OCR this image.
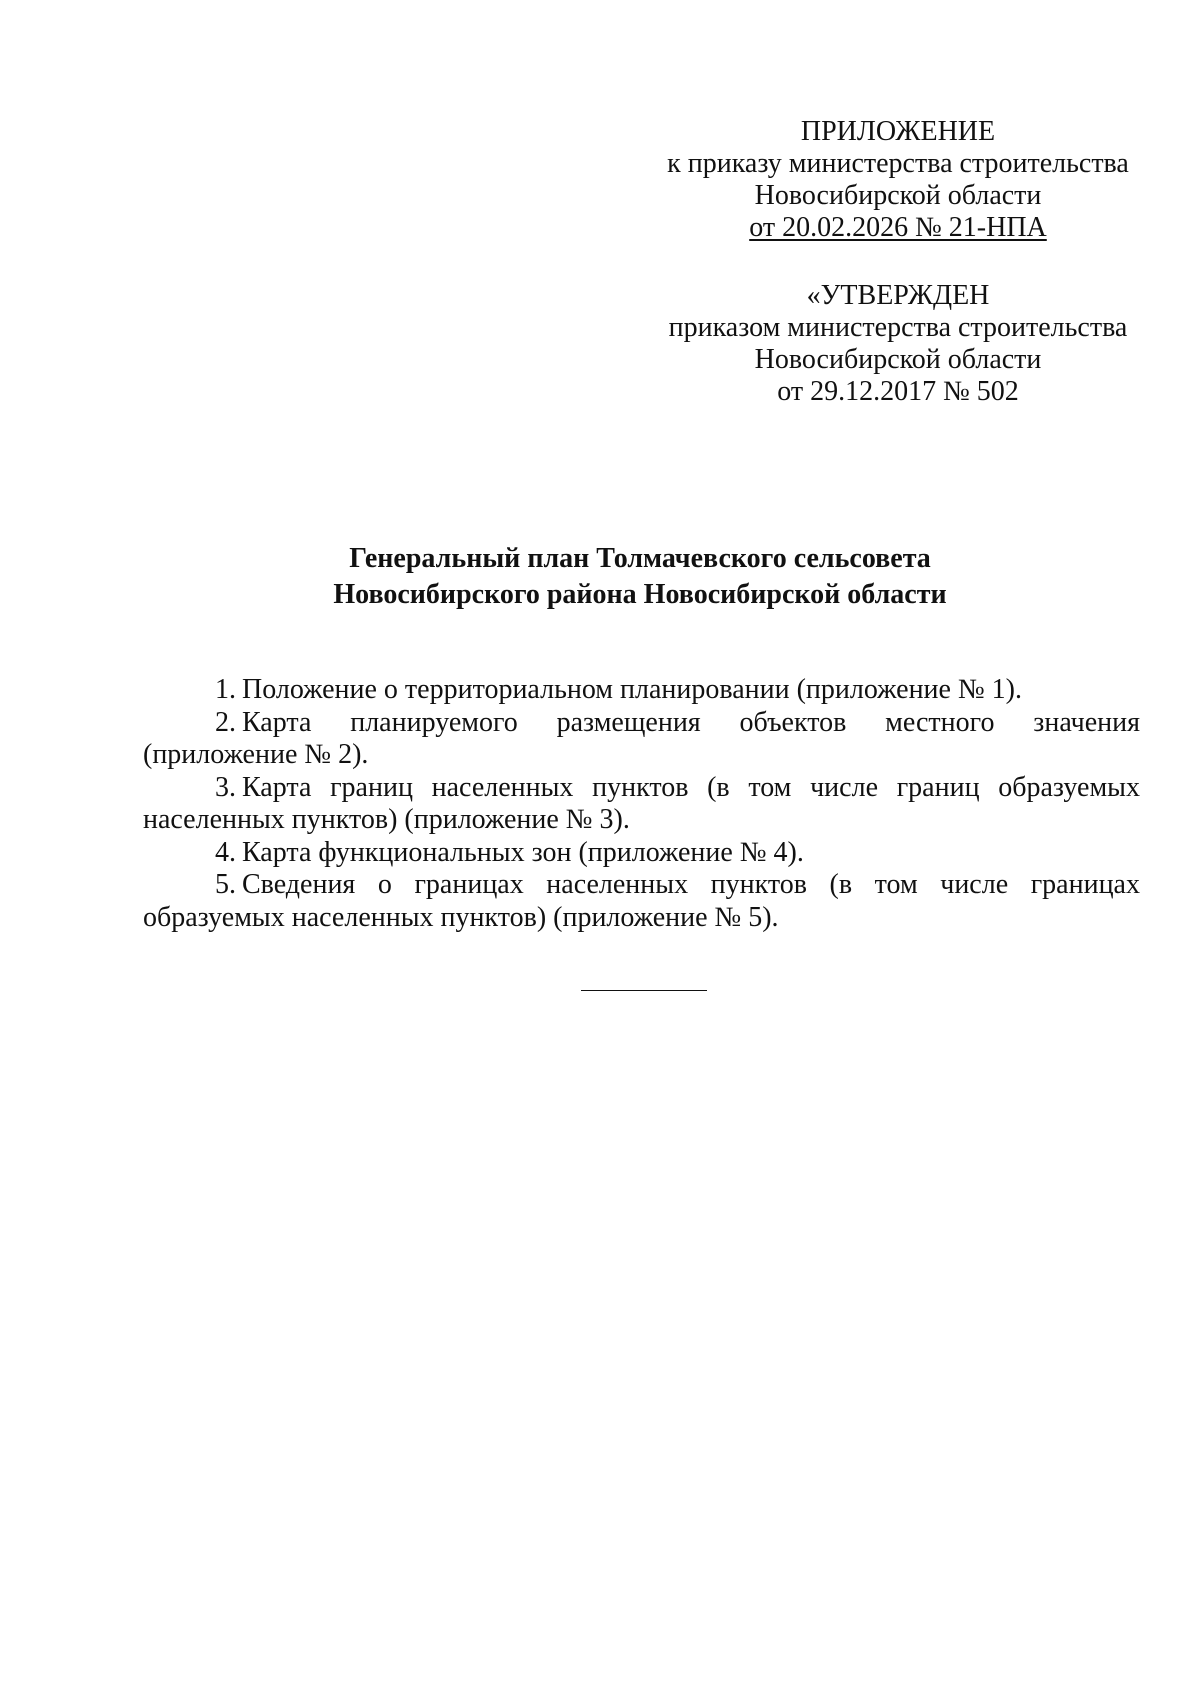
ПРИЛОЖЕНИЕ
к приказу министерства строительства
Новосибирской области
от 20.02.2026 № 21-НПА
«УТВЕРЖДЕН
приказом министерства строительства
Новосибирской области
от 29.12.2017 № 502
Генеральный план Толмачевского сельсовета
Новосибирского района Новосибирской области

1. Положение о территориальном планировании (приложение № 1).

2. Карта планируемого размещения объектов местного значения (приложение № 2).

3. Карта границ населенных пунктов (в том числе границ образуемых населенных пунктов) (приложение № 3).

4. Карта функциональных зон (приложение № 4).

5. Сведения о границах населенных пунктов (в том числе границах образуемых населенных пунктов) (приложение № 5).
